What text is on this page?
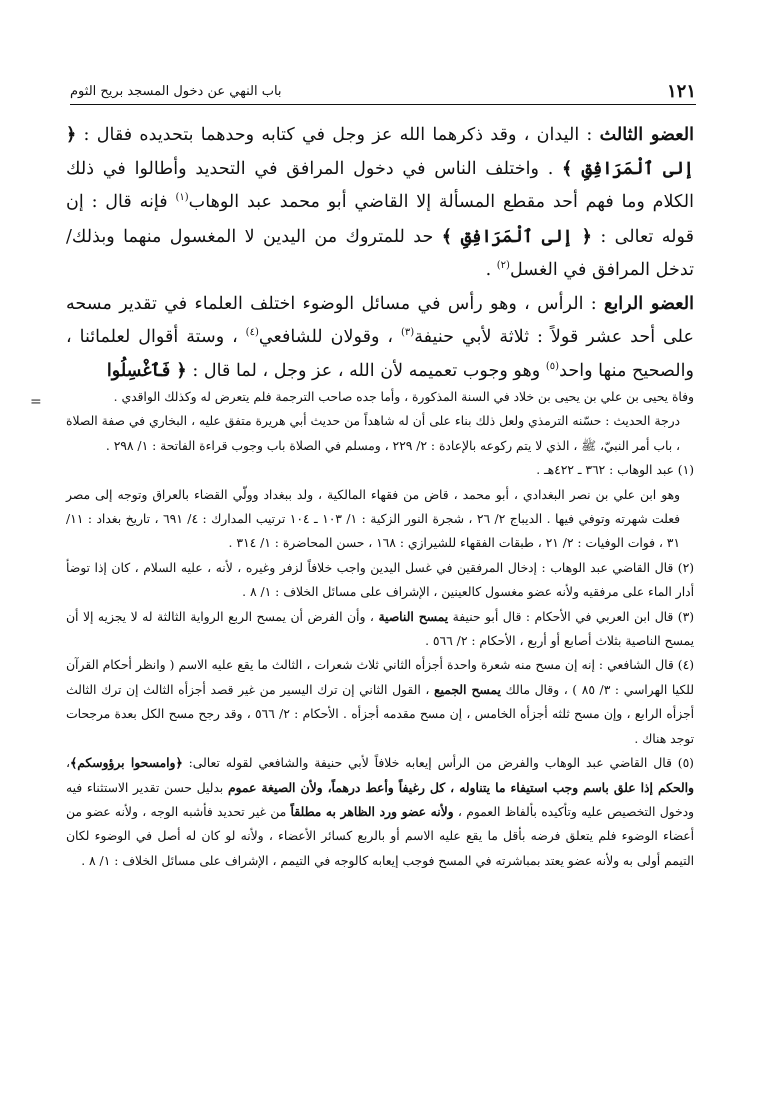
١٢١
باب النهي عن دخول المسجد بريح الثوم

العضو الثالث : اليدان ، وقد ذكرهما الله عز وجل في كتابه وحدهما بتحديده فقال : ﴿ إلى ٱلْمَرَافِقِ ﴾ . واختلف الناس في دخول المرافق في التحديد وأطالوا في ذلك الكلام وما فهم أحد مقطع المسألة إلا القاضي أبو محمد عبد الوهاب$^{(١)}$ فإنه قال : إن قوله تعالى : ﴿ إلى ٱلْمَرَافِقِ ﴾ حد للمتروك من اليدين لا المغسول منهما وبذلك/ تدخل المرافق في الغسل$^{(٢)}$ .

العضو الرابع : الرأس ، وهو رأس في مسائل الوضوء اختلف العلماء في تقدير مسحه على أحد عشر قولاً : ثلاثة لأبي حنيفة$^{(٣)}$ ، وقولان للشافعي$^{(٤)}$ ، وستة أقوال لعلمائنا ، والصحيح منها واحد$^{(٥)}$ وهو وجوب تعميمه لأن الله ، عز وجل ، لما قال : ﴿ فَٱغْسِلُوا

=	وفاة يحيى بن علي بن يحيى بن خلاد في السنة المذكورة ، وأما جده صاحب الترجمة فلم يتعرض له وكذلك الواقدي .

درجة الحديث : حسّنه الترمذي ولعل ذلك بناء على أن له شاهداً من حديث أبي هريرة متفق عليه ، البخاري في صفة الصلاة ، باب أمر النبيّ، ﷺ ، الذي لا يتم ركوعه بالإعادة : ٢/ ٢٢٩ ، ومسلم في الصلاة باب وجوب قراءة الفاتحة : ١/ ٢٩٨ .

(١) عبد الوهاب : ٣٦٢ ـ ٤٢٢هـ .

وهو ابن علي بن نصر البغدادي ، أبو محمد ، قاض من فقهاء المالكية ، ولد ببغداد وولّي القضاء بالعراق وتوجه إلى مصر فعلت شهرته وتوفي فيها . الديباج ٢/ ٢٦ ، شجرة النور الزكية : ١/ ١٠٣ ـ ١٠٤ ترتيب المدارك : ٤/ ٦٩١ ، تاريخ بغداد : ١١/ ٣١ ، فوات الوفيات : ٢/ ٢١ ، طبقات الفقهاء للشيرازي : ١٦٨ ، حسن المحاضرة : ١/ ٣١٤ .

(٢) قال القاضي عبد الوهاب : إدخال المرفقين في غسل اليدين واجب خلافاً لزفر وغيره ، لأنه ، عليه السلام ، كان إذا توضأ أدار الماء على مرفقيه ولأنه عضو مغسول كالعينين ، الإشراف على مسائل الخلاف : ١/ ٨ .

(٣) قال ابن العربي في الأحكام : قال أبو حنيفة يمسح الناصية ، وأن الفرض أن يمسح الربع الرواية الثالثة له لا يجزيه إلا أن يمسح الناصية بثلاث أصابع أو أربع ، الأحكام : ٢/ ٥٦٦ .

(٤) قال الشافعي : إنه إن مسح منه شعرة واحدة أجزأه الثاني ثلاث شعرات ، الثالث ما يقع عليه الاسم ( وانظر أحكام القرآن للكيا الهراسي : ٣/ ٨٥ ) ، وقال مالك يمسح الجميع ، القول الثاني إن ترك اليسير من غير قصد أجزأه الثالث إن ترك الثالث أجزأه الرابع ، وإن مسح ثلثه أجزأه الخامس ، إن مسح مقدمه أجزأه . الأحكام : ٢/ ٥٦٦ ، وقد رجح مسح الكل بعدة مرجحات توجد هناك .

(٥) قال القاضي عبد الوهاب والفرض من الرأس إيعابه خلافاً لأبي حنيفة والشافعي لقوله تعالى: ﴿وامسحوا برؤوسكم﴾، والحكم إذا علق باسم وجب استيفاء ما يتناوله ، كل رغيفاً وأعط درهماً، ولأن الصيغة عموم بدليل حسن تقدير الاستثناء فيه ودخول التخصيص عليه وتأكيده بألفاظ العموم ، ولأنه عضو ورد الظاهر به مطلقاً من غير تحديد فأشبه الوجه ، ولأنه عضو من أعضاء الوضوء فلم يتعلق فرضه بأقل ما يقع عليه الاسم أو بالربع كسائر الأعضاء ، ولأنه لو كان له أصل في الوضوء لكان التيمم أولى به ولأنه عضو يعتد بمباشرته في المسح فوجب إيعابه كالوجه في التيمم ، الإشراف على مسائل الخلاف : ١/ ٨ .
